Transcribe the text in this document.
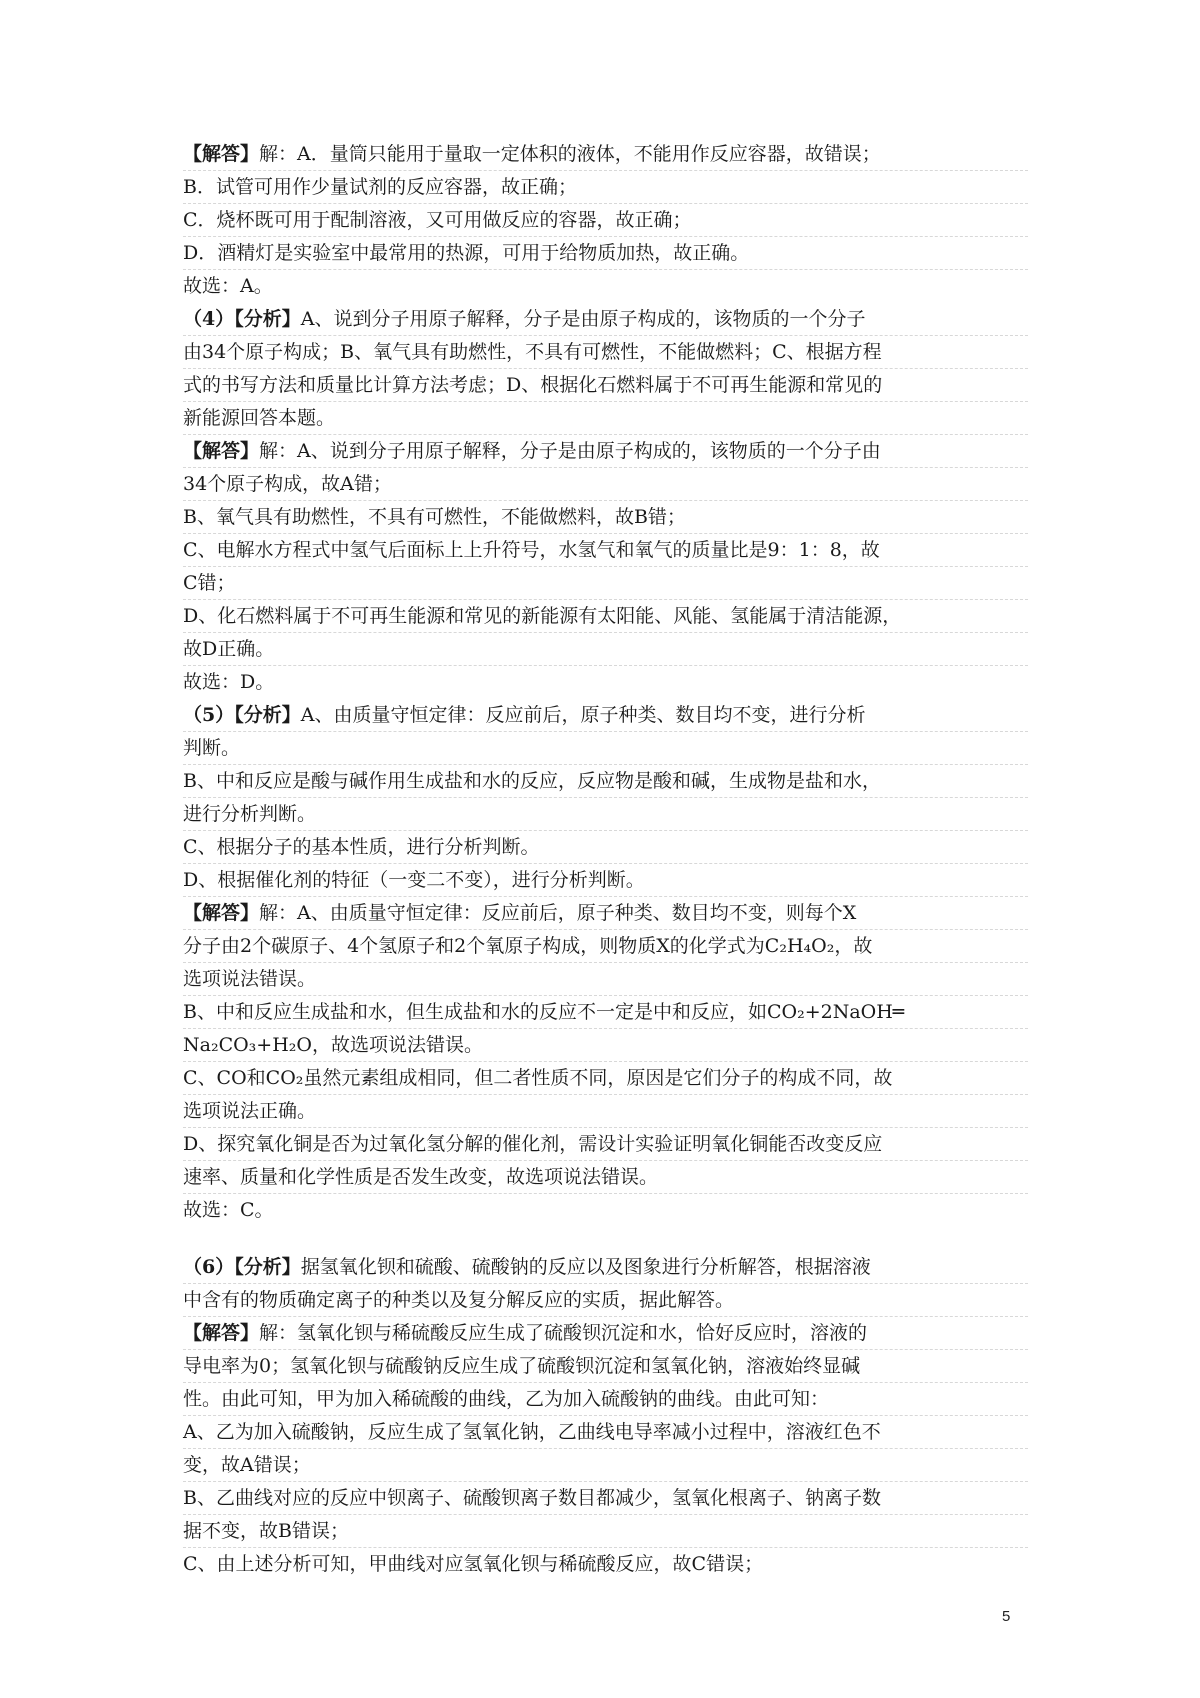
【解答】解：A．量筒只能用于量取一定体积的液体，不能用作反应容器，故错误；
B．试管可用作少量试剂的反应容器，故正确；
C．烧杯既可用于配制溶液，又可用做反应的容器，故正确；
D．酒精灯是实验室中最常用的热源，可用于给物质加热，故正确。
故选：A。
（4）【分析】A、说到分子用原子解释，分子是由原子构成的，该物质的一个分子
由34个原子构成；B、氧气具有助燃性，不具有可燃性，不能做燃料；C、根据方程
式的书写方法和质量比计算方法考虑；D、根据化石燃料属于不可再生能源和常见的
新能源回答本题。
【解答】解：A、说到分子用原子解释，分子是由原子构成的，该物质的一个分子由
34个原子构成，故A错；
B、氧气具有助燃性，不具有可燃性，不能做燃料，故B错；
C、电解水方程式中氢气后面标上上升符号，水氢气和氧气的质量比是9：1：8，故
C错；
D、化石燃料属于不可再生能源和常见的新能源有太阳能、风能、氢能属于清洁能源，
故D正确。
故选：D。
（5）【分析】A、由质量守恒定律：反应前后，原子种类、数目均不变，进行分析
判断。
B、中和反应是酸与碱作用生成盐和水的反应，反应物是酸和碱，生成物是盐和水，
进行分析判断。
C、根据分子的基本性质，进行分析判断。
D、根据催化剂的特征（一变二不变），进行分析判断。
【解答】解：A、由质量守恒定律：反应前后，原子种类、数目均不变，则每个X
分子由2个碳原子、4个氢原子和2个氧原子构成，则物质X的化学式为C₂H₄O₂，故
选项说法错误。
B、中和反应生成盐和水，但生成盐和水的反应不一定是中和反应，如CO₂+2NaOH═
Na₂CO₃+H₂O，故选项说法错误。
C、CO和CO₂虽然元素组成相同，但二者性质不同，原因是它们分子的构成不同，故
选项说法正确。
D、探究氧化铜是否为过氧化氢分解的催化剂，需设计实验证明氧化铜能否改变反应
速率、质量和化学性质是否发生改变，故选项说法错误。
故选：C。
（6）【分析】据氢氧化钡和硫酸、硫酸钠的反应以及图象进行分析解答，根据溶液
中含有的物质确定离子的种类以及复分解反应的实质，据此解答。
【解答】解：氢氧化钡与稀硫酸反应生成了硫酸钡沉淀和水，恰好反应时，溶液的
导电率为0；氢氧化钡与硫酸钠反应生成了硫酸钡沉淀和氢氧化钠，溶液始终显碱
性。由此可知，甲为加入稀硫酸的曲线，乙为加入硫酸钠的曲线。由此可知：
A、乙为加入硫酸钠，反应生成了氢氧化钠，乙曲线电导率减小过程中，溶液红色不
变，故A错误；
B、乙曲线对应的反应中钡离子、硫酸钡离子数目都减少，氢氧化根离子、钠离子数
据不变，故B错误；
C、由上述分析可知，甲曲线对应氢氧化钡与稀硫酸反应，故C错误；
5
